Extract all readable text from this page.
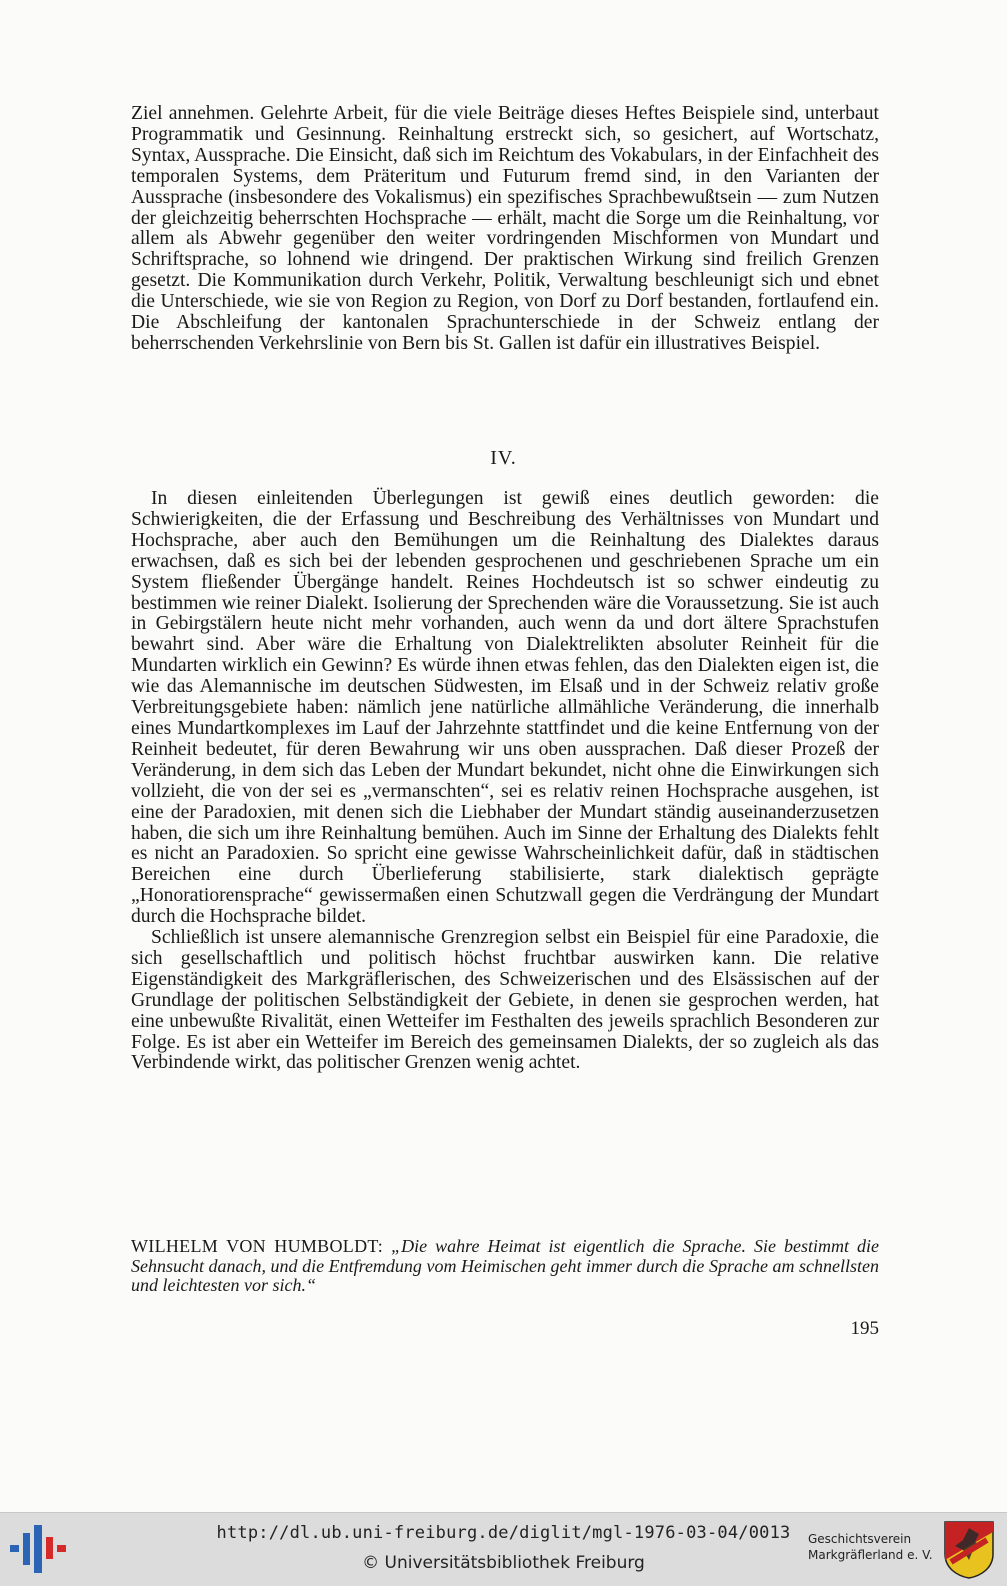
Ziel annehmen. Gelehrte Arbeit, für die viele Beiträge dieses Heftes Beispiele sind, unterbaut Programmatik und Gesinnung. Reinhaltung erstreckt sich, so gesichert, auf Wortschatz, Syntax, Aussprache. Die Einsicht, daß sich im Reichtum des Vokabulars, in der Einfachheit des temporalen Systems, dem Präteritum und Futurum fremd sind, in den Varianten der Aussprache (insbesondere des Vokalismus) ein spezifisches Sprachbewußtsein — zum Nutzen der gleichzeitig beherrschten Hochsprache — erhält, macht die Sorge um die Reinhaltung, vor allem als Abwehr gegenüber den weiter vordringenden Mischformen von Mundart und Schriftsprache, so lohnend wie dringend. Der praktischen Wirkung sind freilich Grenzen gesetzt. Die Kommunikation durch Verkehr, Politik, Verwaltung beschleunigt sich und ebnet die Unterschiede, wie sie von Region zu Region, von Dorf zu Dorf bestanden, fortlaufend ein. Die Abschleifung der kantonalen Sprachunterschiede in der Schweiz entlang der beherrschenden Verkehrslinie von Bern bis St. Gallen ist dafür ein illustratives Beispiel.

IV.

In diesen einleitenden Überlegungen ist gewiß eines deutlich geworden: die Schwierigkeiten, die der Erfassung und Beschreibung des Verhältnisses von Mundart und Hochsprache, aber auch den Bemühungen um die Reinhaltung des Dialektes daraus erwachsen, daß es sich bei der lebenden gesprochenen und geschriebenen Sprache um ein System fließender Übergänge handelt. Reines Hochdeutsch ist so schwer eindeutig zu bestimmen wie reiner Dialekt. Isolierung der Sprechenden wäre die Voraussetzung. Sie ist auch in Gebirgstälern heute nicht mehr vorhanden, auch wenn da und dort ältere Sprachstufen bewahrt sind. Aber wäre die Erhaltung von Dialektrelikten absoluter Reinheit für die Mundarten wirklich ein Gewinn? Es würde ihnen etwas fehlen, das den Dialekten eigen ist, die wie das Alemannische im deutschen Südwesten, im Elsaß und in der Schweiz relativ große Verbreitungsgebiete haben: nämlich jene natürliche allmähliche Veränderung, die innerhalb eines Mundartkomplexes im Lauf der Jahrzehnte stattfindet und die keine Entfernung von der Reinheit bedeutet, für deren Bewahrung wir uns oben aussprachen. Daß dieser Prozeß der Veränderung, in dem sich das Leben der Mundart bekundet, nicht ohne die Einwirkungen sich vollzieht, die von der sei es „vermanschten“, sei es relativ reinen Hochsprache ausgehen, ist eine der Paradoxien, mit denen sich die Liebhaber der Mundart ständig auseinanderzusetzen haben, die sich um ihre Reinhaltung bemühen. Auch im Sinne der Erhaltung des Dialekts fehlt es nicht an Paradoxien. So spricht eine gewisse Wahrscheinlichkeit dafür, daß in städtischen Bereichen eine durch Überlieferung stabilisierte, stark dialektisch geprägte „Honoratiorensprache“ gewissermaßen einen Schutzwall gegen die Verdrängung der Mundart durch die Hochsprache bildet.

Schließlich ist unsere alemannische Grenzregion selbst ein Beispiel für eine Paradoxie, die sich gesellschaftlich und politisch höchst fruchtbar auswirken kann. Die relative Eigenständigkeit des Markgräflerischen, des Schweizerischen und des Elsässischen auf der Grundlage der politischen Selbständigkeit der Gebiete, in denen sie gesprochen werden, hat eine unbewußte Rivalität, einen Wetteifer im Festhalten des jeweils sprachlich Besonderen zur Folge. Es ist aber ein Wetteifer im Bereich des gemeinsamen Dialekts, der so zugleich als das Verbindende wirkt, das politischer Grenzen wenig achtet.

WILHELM VON HUMBOLDT: „Die wahre Heimat ist eigentlich die Sprache. Sie bestimmt die Sehnsucht danach, und die Entfremdung vom Heimischen geht immer durch die Sprache am schnellsten und leichtesten vor sich.“
195
http://dl.ub.uni-freiburg.de/diglit/mgl-1976-03-04/0013
© Universitätsbibliothek Freiburg
Geschichtsverein
Markgräflerland e. V.
